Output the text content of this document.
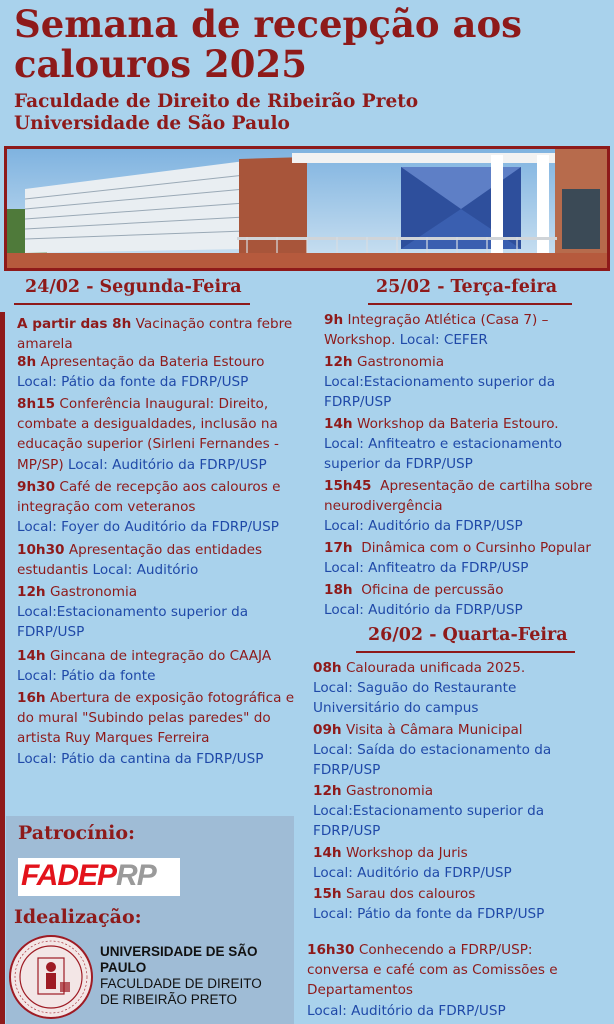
Semana de recepção aos
calouros 2025
Faculdade de Direito de Ribeirão Preto
Universidade de São Paulo
24/02 - Segunda-Feira	25/02 - Terça-feira
26/02 - Quarta-Feira
A partir das 8h Vacinação contra febre
amarela
8h Apresentação da Bateria Estouro
Local: Pátio da fonte da FDRP/USP
8h15 Conferência Inaugural: Direito,
combate a desigualdades, inclusão na
educação superior (Sirleni Fernandes -
MP/SP) Local: Auditório da FDRP/USP
9h30 Café de recepção aos calouros e
integração com veteranos
Local: Foyer do Auditório da FDRP/USP
10h30 Apresentação das entidades
estudantis Local: Auditório
12h Gastronomia
Local:Estacionamento superior da
FDRP/USP
14h Gincana de integração do CAAJA
Local: Pátio da fonte
16h Abertura de exposição fotográfica e
do mural "Subindo pelas paredes" do
artista Ruy Marques Ferreira
Local: Pátio da cantina da FDRP/USP
9h Integração Atlética (Casa 7) –
Workshop. Local: CEFER
12h Gastronomia
Local:Estacionamento superior da
FDRP/USP
14h Workshop da Bateria Estouro.
Local: Anfiteatro e estacionamento
superior da FDRP/USP
15h45 Apresentação de cartilha sobre
neurodivergência
Local: Auditório da FDRP/USP
17h Dinâmica com o Cursinho Popular
Local: Anfiteatro da FDRP/USP
18h Oficina de percussão
Local: Auditório da FDRP/USP
08h Calourada unificada 2025.
Local: Saguão do Restaurante
Universitário do campus
09h Visita à Câmara Municipal
Local: Saída do estacionamento da
FDRP/USP
12h Gastronomia
Local:Estacionamento superior da
FDRP/USP
14h Workshop da Juris
Local: Auditório da FDRP/USP
15h Sarau dos calouros
Local: Pátio da fonte da FDRP/USP
16h30 Conhecendo a FDRP/USP:
conversa e café com as Comissões e
Departamentos
Local: Auditório da FDRP/USP
Patrocínio:
FADEPRP
Idealização:
UNIVERSIDADE DE SÃO
PAULO
FACULDADE DE DIREITO
DE RIBEIRÃO PRETO
